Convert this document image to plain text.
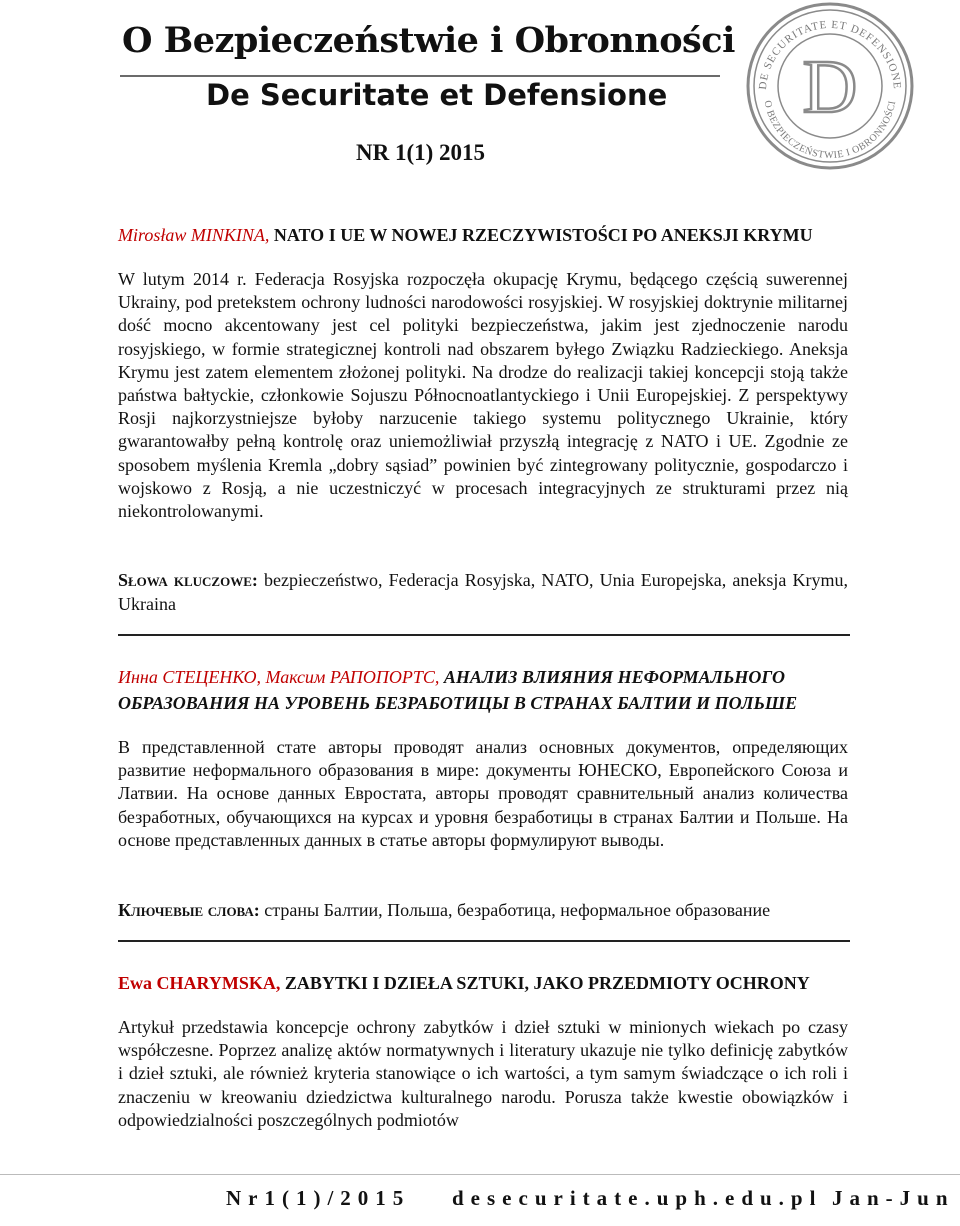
O Bezpieczeństwie i Obronności
De Securitate et Defensione
NR 1(1) 2015
DE SECURITATE ET DEFENSIONE
O BEZPIECZEŃSTWIE I OBRONNOŚCI
D
Mirosław MINKINA, NATO I UE W NOWEJ RZECZYWISTOŚCI PO ANEKSJI KRYMU

W lutym 2014 r. Federacja Rosyjska rozpoczęła okupację Krymu, będącego częścią suwerennej Ukrainy, pod pretekstem ochrony ludności narodowości rosyjskiej. W rosyjskiej doktrynie militarnej dość mocno akcentowany jest cel polityki bezpieczeństwa, jakim jest zjednoczenie narodu rosyjskiego, w formie strategicznej kontroli nad obszarem byłego Związku Radzieckiego. Aneksja Krymu jest zatem elementem złożonej polityki. Na drodze do realizacji takiej koncepcji stoją także państwa bałtyckie, członkowie Sojuszu Północnoatlantyckiego i Unii Europejskiej. Z perspektywy Rosji najkorzystniejsze byłoby narzucenie takiego systemu politycznego Ukrainie, który gwarantowałby pełną kontrolę oraz uniemożliwiał przyszłą integrację z NATO i UE. Zgodnie ze sposobem myślenia Kremla „dobry sąsiad” powinien być zintegrowany politycznie, gospodarczo i wojskowo z Rosją, a nie uczestniczyć w procesach integracyjnych ze strukturami przez nią niekontrolowanymi.

Słowa kluczowe: bezpieczeństwo, Federacja Rosyjska, NATO, Unia Europejska, aneksja Krymu, Ukraina
Инна СТЕЦЕНКО, Максим РАПОПОРТС, АНАЛИЗ ВЛИЯНИЯ НЕФОРМАЛЬНОГО ОБРАЗОВАНИЯ НА УРОВЕНЬ БЕЗРАБОТИЦЫ В СТРАНАХ БАЛТИИ И ПОЛЬШЕ

В представленной стате авторы проводят анализ основных документов, определяющих развитие неформального образования в мире: документы ЮНЕСКО, Европейского Союза и Латвии. На основе данных Евростата, авторы проводят сравнительный анализ количества безработных, обучающихся на курсах и уровня безработицы в странах Балтии и Польше. На основе представленных данных в статье авторы формулируют выводы.

Ключевые слова: страны Балтии, Польша, безработица, неформальное образование
Ewa CHARYMSKA, ZABYTKI I DZIEŁA SZTUKI, JAKO PRZEDMIOTY OCHRONY

Artykuł przedstawia koncepcje ochrony zabytków i dzieł sztuki w minionych wiekach po czasy współczesne. Poprzez analizę aktów normatywnych i literatury ukazuje nie tylko definicję zabytków i dzieł sztuki, ale również kryteria stanowiące o ich wartości, a tym samym świadczące o ich roli i znaczeniu w kreowaniu dziedzictwa kulturalnego narodu. Porusza także kwestie obowiązków i odpowiedzialności poszczególnych podmiotów

Nr1(1)/2015 desecuritate.uph.edu.pl Jan-Jun
